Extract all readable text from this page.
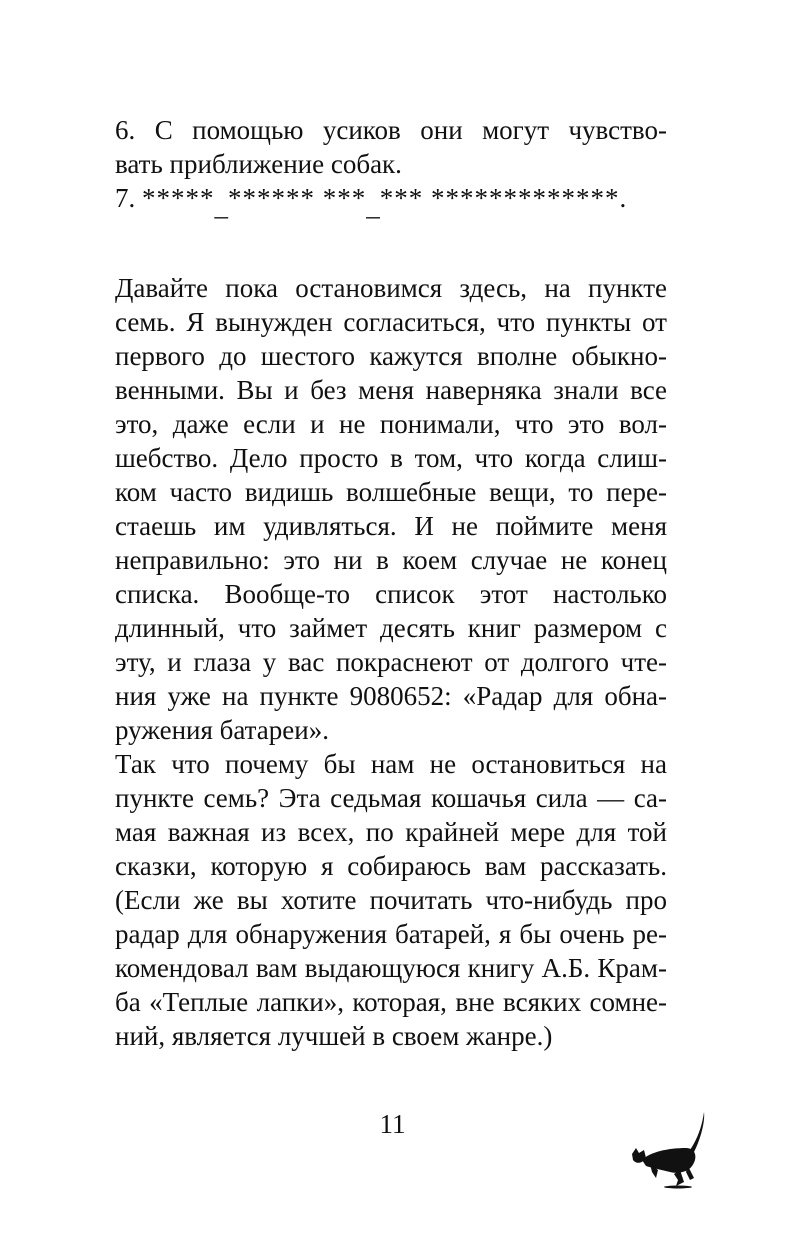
6. С помощью усиков они могут чувство-
вать приближение собак.
7. *****_****** ***_*** *************.
Давайте пока остановимся здесь, на пункте
семь. Я вынужден согласиться, что пункты от
первого до шестого кажутся вполне обыкно-
венными. Вы и без меня наверняка знали все
это, даже если и не понимали, что это вол-
шебство. Дело просто в том, что когда слиш-
ком часто видишь волшебные вещи, то пере-
стаешь им удивляться. И не поймите меня
неправильно: это ни в коем случае не конец
списка. Вообще-то список этот настолько
длинный, что займет десять книг размером с
эту, и глаза у вас покраснеют от долгого чте-
ния уже на пункте 9080652: «Радар для обна-
ружения батареи».
Так что почему бы нам не остановиться на
пункте семь? Эта седьмая кошачья сила — са-
мая важная из всех, по крайней мере для той
сказки, которую я собираюсь вам рассказать.
(Если же вы хотите почитать что-нибудь про
радар для обнаружения батарей, я бы очень ре-
комендовал вам выдающуюся книгу А.Б. Крам-
ба «Теплые лапки», которая, вне всяких сомне-
ний, является лучшей в своем жанре.)
11
